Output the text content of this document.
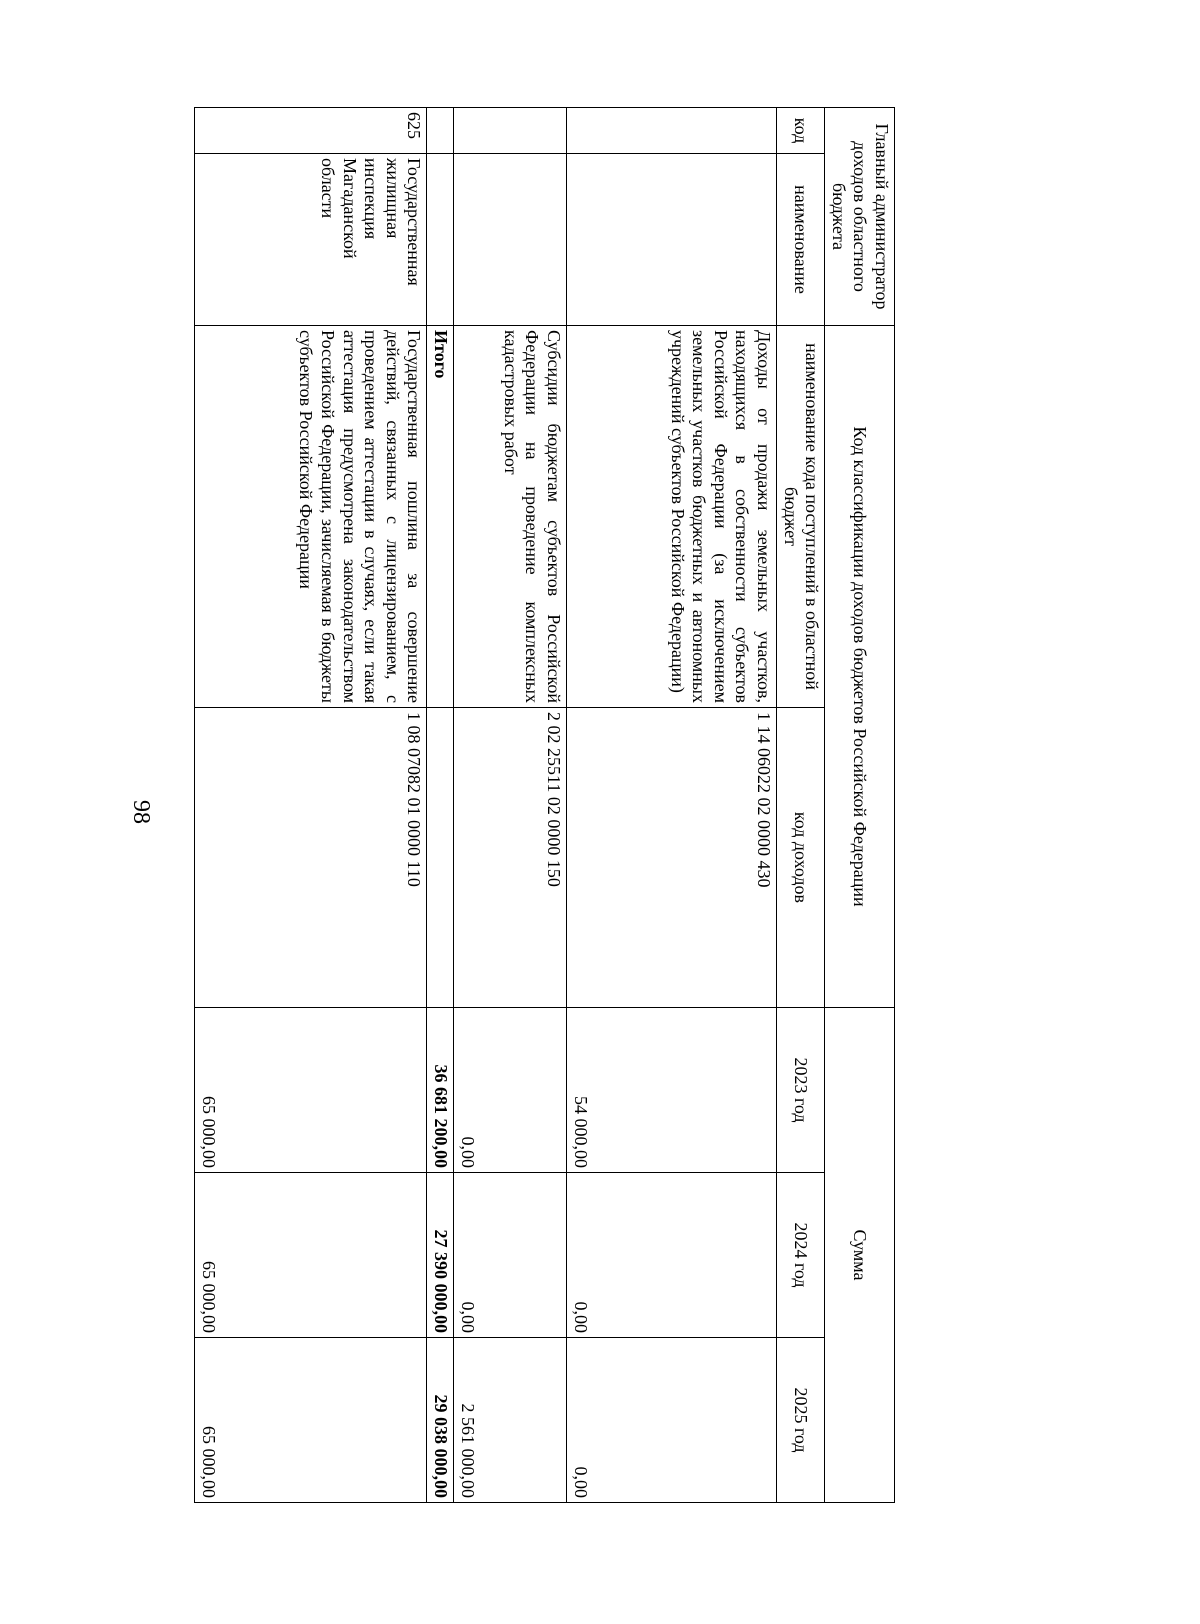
98
Главный администратор доходов областного бюджета		Код классификации доходов бюджетов Российской Федерации		Сумма		
код	наименование	наименование кода поступлений в областной бюджет	код доходов	2023 год	2024 год	2025 год
		Доходы от продажи земельных участков, находящихся в собственности субъектов Российской Федерации (за исключением земельных участков бюджетных и автономных учреждений субъектов Российской Федерации)	1 14 06022 02 0000 430	54 000,00	0,00	0,00
		Субсидии бюджетам субъектов Российской Федерации на проведение комплексных кадастровых работ	2 02 25511 02 0000 150	0,00	0,00	2 561 000,00
		Итого		36 681 200,00	27 390 000,00	29 038 000,00
625	Государственная жилищная инспекция Магаданской области	Государственная пошлина за совершение действий, связанных с лицензированием, с проведением аттестации в случаях, если такая аттестация предусмотрена законодательством Российской Федерации, зачисляемая в бюджеты субъектов Российской Федерации	1 08 07082 01 0000 110	65 000,00	65 000,00	65 000,00
